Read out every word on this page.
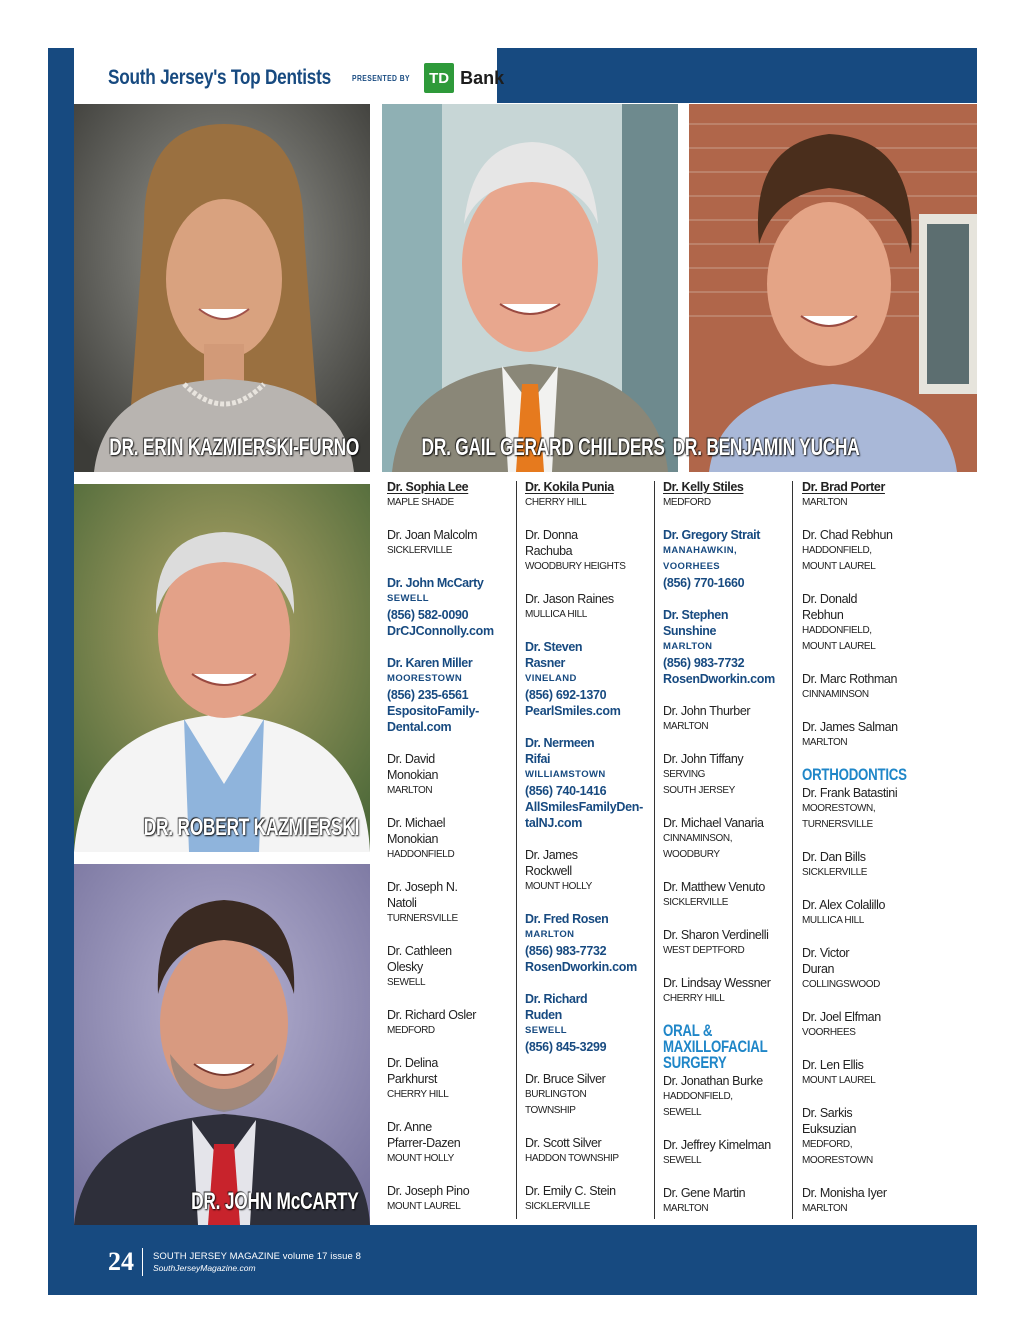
South Jersey's Top Dentists	PRESENTED BY	TD Bank
DR. ERIN KAZMIERSKI-FURNO	DR. GAIL GERARD CHILDERS DR. BENJAMIN YUCHA
DR. ROBERT KAZMIERSKI
DR. JOHN McCARTY
Dr. Sophia Lee
MAPLE SHADE
Dr. Joan Malcolm
SICKLERVILLE
Dr. John McCarty
SEWELL
(856) 582-0090
DrCJConnolly.com
Dr. Karen Miller
MOORESTOWN
(856) 235-6561
EspositoFamily-
Dental.com
Dr. David
Monokian
MARLTON
Dr. Michael
Monokian
HADDONFIELD
Dr. Joseph N.
Natoli
TURNERSVILLE
Dr. Cathleen
Olesky
SEWELL
Dr. Richard Osler
MEDFORD
Dr. Delina
Parkhurst
CHERRY HILL
Dr. Anne
Pfarrer-Dazen
MOUNT HOLLY
Dr. Joseph Pino
MOUNT LAUREL
Dr. Kokila Punia
CHERRY HILL
Dr. Donna
Rachuba
WOODBURY HEIGHTS
Dr. Jason Raines
MULLICA HILL
Dr. Steven
Rasner
VINELAND
(856) 692-1370
PearlSmiles.com
Dr. Nermeen
Rifai
WILLIAMSTOWN
(856) 740-1416
AllSmilesFamilyDen-
talNJ.com
Dr. James
Rockwell
MOUNT HOLLY
Dr. Fred Rosen
MARLTON
(856) 983-7732
RosenDworkin.com
Dr. Richard
Ruden
SEWELL
(856) 845-3299
Dr. Bruce Silver
BURLINGTON
TOWNSHIP
Dr. Scott Silver
HADDON TOWNSHIP
Dr. Emily C. Stein
SICKLERVILLE
Dr. Kelly Stiles
MEDFORD
Dr. Gregory Strait
MANAHAWKIN,
VOORHEES
(856) 770-1660
Dr. Stephen
Sunshine
MARLTON
(856) 983-7732
RosenDworkin.com
Dr. John Thurber
MARLTON
Dr. John Tiffany
SERVING
SOUTH JERSEY
Dr. Michael Vanaria
CINNAMINSON,
WOODBURY
Dr. Matthew Venuto
SICKLERVILLE
Dr. Sharon Verdinelli
WEST DEPTFORD
Dr. Lindsay Wessner
CHERRY HILL
ORAL &
MAXILLOFACIAL
SURGERY
Dr. Jonathan Burke
HADDONFIELD,
SEWELL
Dr. Jeffrey Kimelman
SEWELL
Dr. Gene Martin
MARLTON
Dr. Brad Porter
MARLTON
Dr. Chad Rebhun
HADDONFIELD,
MOUNT LAUREL
Dr. Donald
Rebhun
HADDONFIELD,
MOUNT LAUREL
Dr. Marc Rothman
CINNAMINSON
Dr. James Salman
MARLTON
ORTHODONTICS
Dr. Frank Batastini
MOORESTOWN,
TURNERSVILLE
Dr. Dan Bills
SICKLERVILLE
Dr. Alex Colalillo
MULLICA HILL
Dr. Victor
Duran
COLLINGSWOOD
Dr. Joel Elfman
VOORHEES
Dr. Len Ellis
MOUNT LAUREL
Dr. Sarkis
Euksuzian
MEDFORD,
MOORESTOWN
Dr. Monisha Iyer
MARLTON
24 SOUTH JERSEY MAGAZINE volume 17 issue 8
SouthJerseyMagazine.com
